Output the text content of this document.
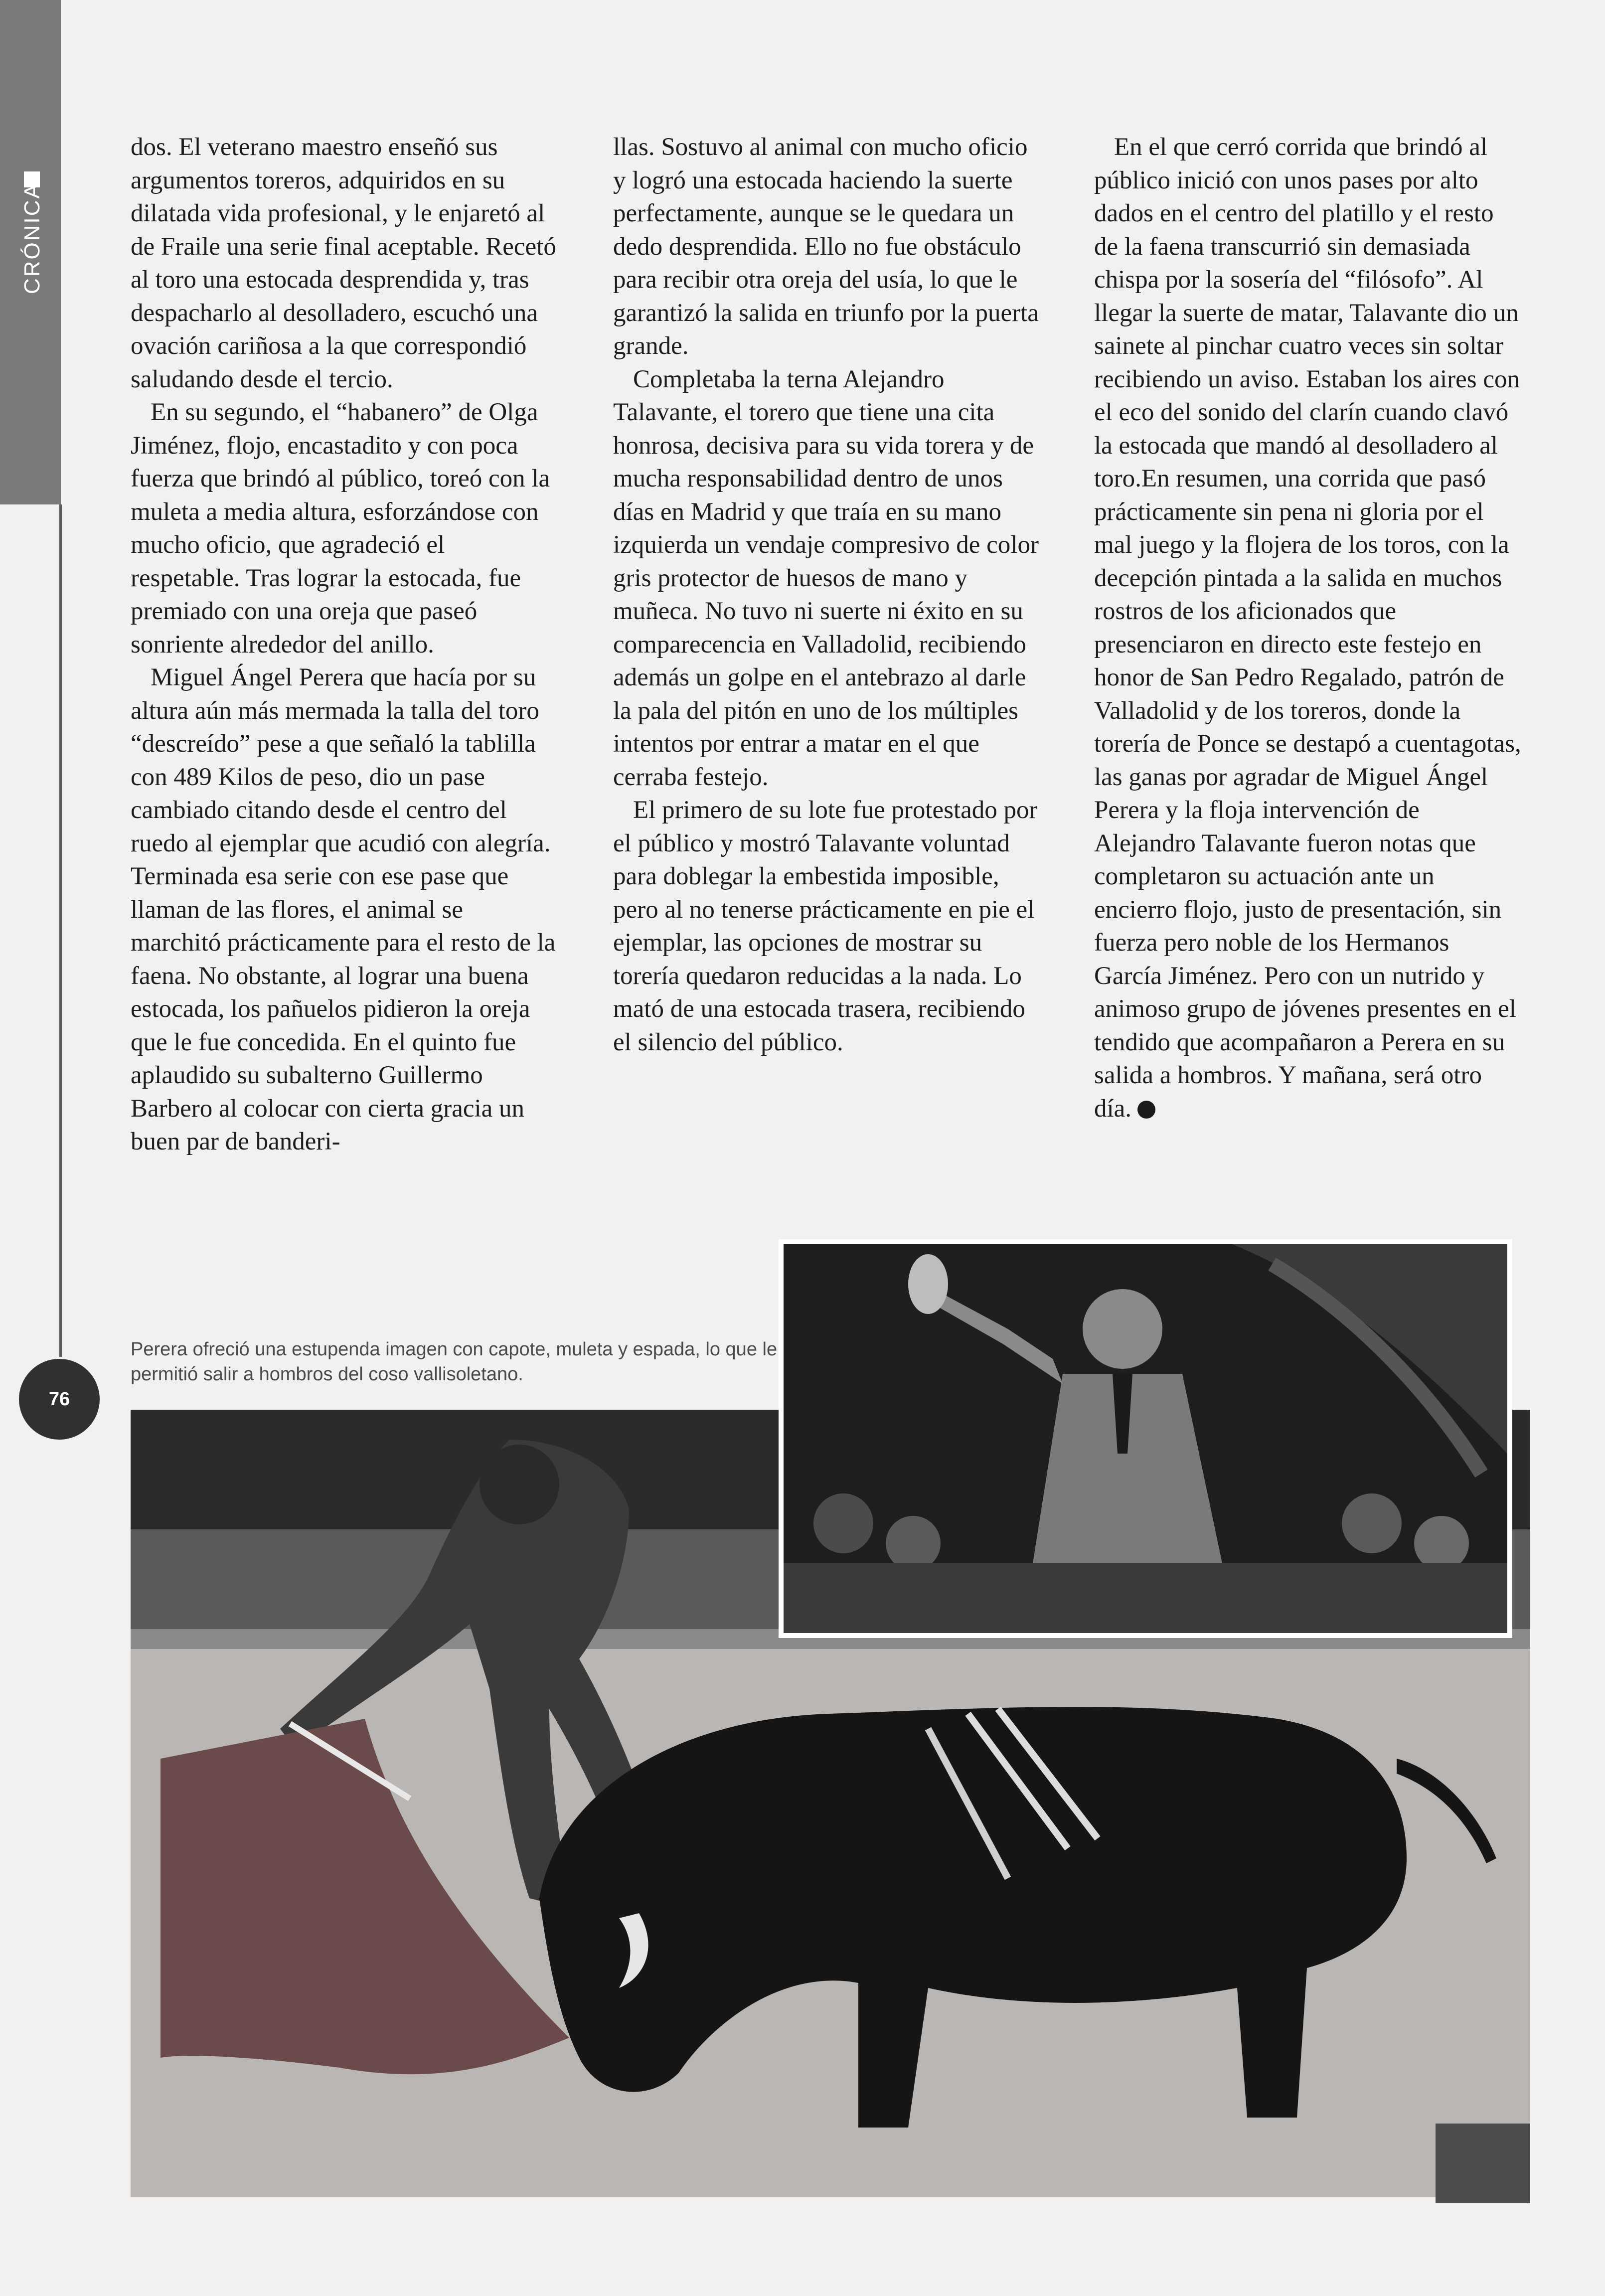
CRÓNICA
76

dos. El veterano maestro enseñó sus argumentos toreros, adquiridos en su dilatada vida profesional, y le enjaretó al de Fraile una serie final aceptable. Recetó al toro una estocada desprendida y, tras despacharlo al desolladero, escuchó una ovación cariñosa a la que correspondió saludando desde el tercio.

En su segundo, el “habanero” de Olga Jiménez, flojo, encastadito y con poca fuerza que brindó al público, toreó con la muleta a media altura, esforzándose con mucho oficio, que agradeció el respetable. Tras lograr la estocada, fue premiado con una oreja que paseó sonriente alrededor del anillo.

Miguel Ángel Perera que hacía por su altura aún más mermada la talla del toro “descreído” pese a que señaló la tablilla con 489 Kilos de peso, dio un pase cambiado citando desde el centro del ruedo al ejemplar que acudió con alegría. Terminada esa serie con ese pase que llaman de las flores, el animal se marchitó prácticamente para el resto de la faena. No obstante, al lograr una buena estocada, los pañuelos pidieron la oreja que le fue concedida. En el quinto fue aplaudido su subalterno Guillermo Barbero al colocar con cierta gracia un buen par de banderi-

llas. Sostuvo al animal con mucho oficio y logró una estocada haciendo la suerte perfectamente, aunque se le quedara un dedo desprendida. Ello no fue obstáculo para recibir otra oreja del usía, lo que le garantizó la salida en triunfo por la puerta grande.

Completaba la terna Alejandro Talavante, el torero que tiene una cita honrosa, decisiva para su vida torera y de mucha responsabilidad dentro de unos días en Madrid y que traía en su mano izquierda un vendaje compresivo de color gris protector de huesos de mano y muñeca. No tuvo ni suerte ni éxito en su comparecencia en Valladolid, recibiendo además un golpe en el antebrazo al darle la pala del pitón en uno de los múltiples intentos por entrar a matar en el que cerraba festejo.

El primero de su lote fue protestado por el público y mostró Talavante voluntad para doblegar la embestida imposible, pero al no tenerse prácticamente en pie el ejemplar, las opciones de mostrar su torería quedaron reducidas a la nada. Lo mató de una estocada trasera, recibiendo el silencio del público.

En el que cerró corrida que brindó al público inició con unos pases por alto dados en el centro del platillo y el resto de la faena transcurrió sin demasiada chispa por la sosería del “filósofo”. Al llegar la suerte de matar, Talavante dio un sainete al pinchar cuatro veces sin soltar recibiendo un aviso. Estaban los aires con el eco del sonido del clarín cuando clavó la estocada que mandó al desolladero al toro.En resumen, una corrida que pasó prácticamente sin pena ni gloria por el mal juego y la flojera de los toros, con la decepción pintada a la salida en muchos rostros de los aficionados que presenciaron en directo este festejo en honor de San Pedro Regalado, patrón de Valladolid y de los toreros, donde la torería de Ponce se destapó a cuentagotas, las ganas por agradar de Miguel Ángel Perera y la floja intervención de Alejandro Talavante fueron notas que completaron su actuación ante un encierro flojo, justo de presentación, sin fuerza pero noble de los Hermanos García Jiménez. Pero con un nutrido y animoso grupo de jóvenes presentes en el tendido que acompañaron a Perera en su salida a hombros. Y mañana, será otro día.

Perera ofreció una estupenda imagen con capote, muleta y espada, lo que le permitió salir a hombros del coso vallisoletano.
